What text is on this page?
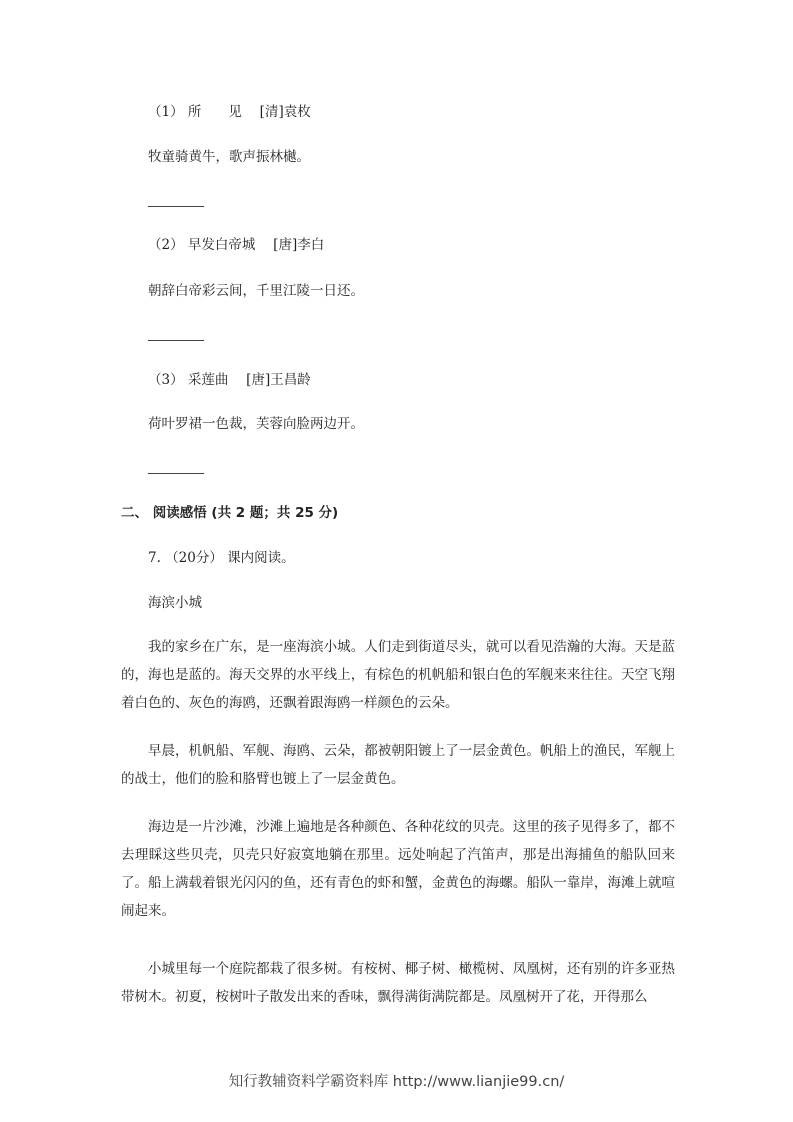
（1） 所　　见　 [清]袁枚
牧童骑黄牛，歌声振林樾。
（2） 早发白帝城　 [唐]李白
朝辞白帝彩云间，千里江陵一日还。
（3） 采莲曲　 [唐]王昌龄
荷叶罗裙一色裁，芙蓉向脸两边开。
二、 阅读感悟 (共 2 题；共 25 分)
7. （20分） 课内阅读。
海滨小城
我的家乡在广东，是一座海滨小城。人们走到街道尽头，就可以看见浩瀚的大海。天是蓝的，海也是蓝的。海天交界的水平线上，有棕色的机帆船和银白色的军舰来来往往。天空飞翔着白色的、灰色的海鸥，还飘着跟海鸥一样颜色的云朵。
早晨，机帆船、军舰、海鸥、云朵，都被朝阳镀上了一层金黄色。帆船上的渔民，军舰上的战士，他们的脸和胳臂也镀上了一层金黄色。
海边是一片沙滩，沙滩上遍地是各种颜色、各种花纹的贝壳。这里的孩子见得多了，都不去理睬这些贝壳，贝壳只好寂寞地躺在那里。远处响起了汽笛声，那是出海捕鱼的船队回来了。船上满载着银光闪闪的鱼，还有青色的虾和蟹，金黄色的海螺。船队一靠岸，海滩上就喧闹起来。
小城里每一个庭院都栽了很多树。有桉树、椰子树、橄榄树、凤凰树，还有别的许多亚热带树木。初夏，桉树叶子散发出来的香味，飘得满街满院都是。凤凰树开了花，开得那么
知行教辅资料学霸资料库 http://www.lianjie99.cn/
